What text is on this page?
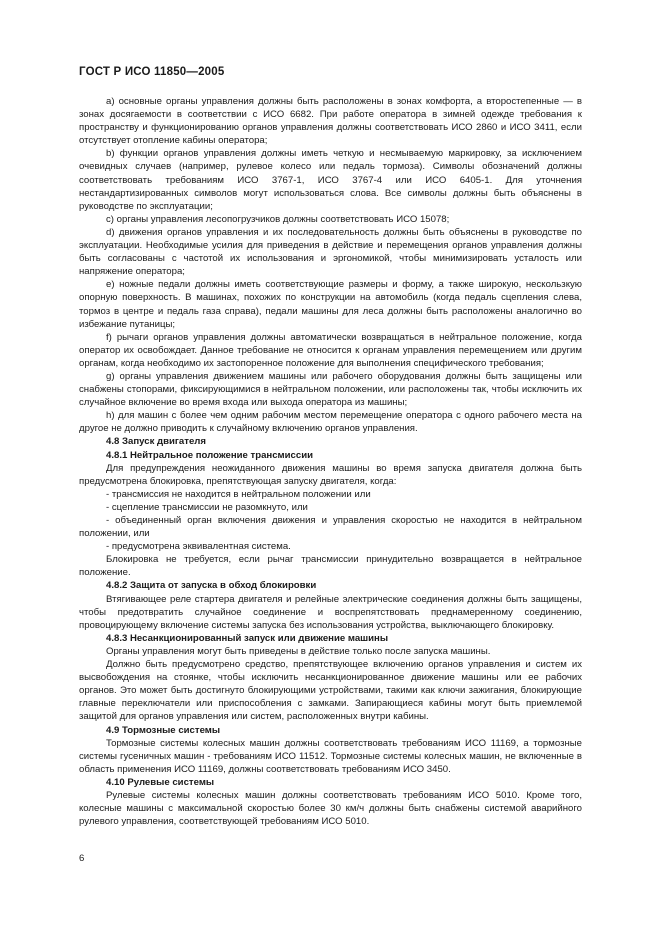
ГОСТ Р ИСО 11850—2005

а) основные органы управления должны быть расположены в зонах комфорта, а второстепенные — в зонах досягаемости в соответствии с ИСО 6682. При работе оператора в зимней одежде требования к пространству и функционированию органов управления должны соответствовать ИСО 2860 и ИСО 3411, если отсутствует отопление кабины оператора;

b) функции органов управления должны иметь четкую и несмываемую маркировку, за исключением очевидных случаев (например, рулевое колесо или педаль тормоза). Символы обозначений должны соответствовать требованиям ИСО 3767-1, ИСО 3767-4 или ИСО 6405-1. Для уточнения нестандартизированных символов могут использоваться слова. Все символы должны быть объяснены в руководстве по эксплуатации;

c) органы управления лесопогрузчиков должны соответствовать ИСО 15078;

d) движения органов управления и их последовательность должны быть объяснены в руководстве по эксплуатации. Необходимые усилия для приведения в действие и перемещения органов управления должны быть согласованы с частотой их использования и эргономикой, чтобы минимизировать усталость или напряжение оператора;

e) ножные педали должны иметь соответствующие размеры и форму, а также широкую, нескользкую опорную поверхность. В машинах, похожих по конструкции на автомобиль (когда педаль сцепления слева, тормоз в центре и педаль газа справа), педали машины для леса должны быть расположены аналогично во избежание путаницы;

f) рычаги органов управления должны автоматически возвращаться в нейтральное положение, когда оператор их освобождает. Данное требование не относится к органам управления перемещением или другим органам, когда необходимо их застопоренное положение для выполнения специфического требования;

g) органы управления движением машины или рабочего оборудования должны быть защищены или снабжены стопорами, фиксирующимися в нейтральном положении, или расположены так, чтобы исключить их случайное включение во время входа или выхода оператора из машины;

h) для машин с более чем одним рабочим местом перемещение оператора с одного рабочего места на другое не должно приводить к случайному включению органов управления.

4.8 Запуск двигателя

4.8.1 Нейтральное положение трансмиссии

Для предупреждения неожиданного движения машины во время запуска двигателя должна быть предусмотрена блокировка, препятствующая запуску двигателя, когда:

- трансмиссия не находится в нейтральном положении или

- сцепление трансмиссии не разомкнуто, или

- объединенный орган включения движения и управления скоростью не находится в нейтральном положении, или

- предусмотрена эквивалентная система.

Блокировка не требуется, если рычаг трансмиссии принудительно возвращается в нейтральное положение.

4.8.2 Защита от запуска в обход блокировки

Втягивающее реле стартера двигателя и релейные электрические соединения должны быть защищены, чтобы предотвратить случайное соединение и воспрепятствовать преднамеренному соединению, провоцирующему включение системы запуска без использования устройства, выключающего блокировку.

4.8.3 Несанкционированный запуск или движение машины

Органы управления могут быть приведены в действие только после запуска машины.

Должно быть предусмотрено средство, препятствующее включению органов управления и систем их высвобождения на стоянке, чтобы исключить несанкционированное движение машины или ее рабочих органов. Это может быть достигнуто блокирующими устройствами, такими как ключи зажигания, блокирующие главные переключатели или приспособления с замками. Запирающиеся кабины могут быть приемлемой защитой для органов управления или систем, расположенных внутри кабины.

4.9 Тормозные системы

Тормозные системы колесных машин должны соответствовать требованиям ИСО 11169, а тормозные системы гусеничных машин - требованиям ИСО 11512. Тормозные системы колесных машин, не включенные в область применения ИСО 11169, должны соответствовать требованиям ИСО 3450.

4.10 Рулевые системы

Рулевые системы колесных машин должны соответствовать требованиям ИСО 5010. Кроме того, колесные машины с максимальной скоростью более 30 км/ч должны быть снабжены системой аварийного рулевого управления, соответствующей требованиям ИСО 5010.

6
